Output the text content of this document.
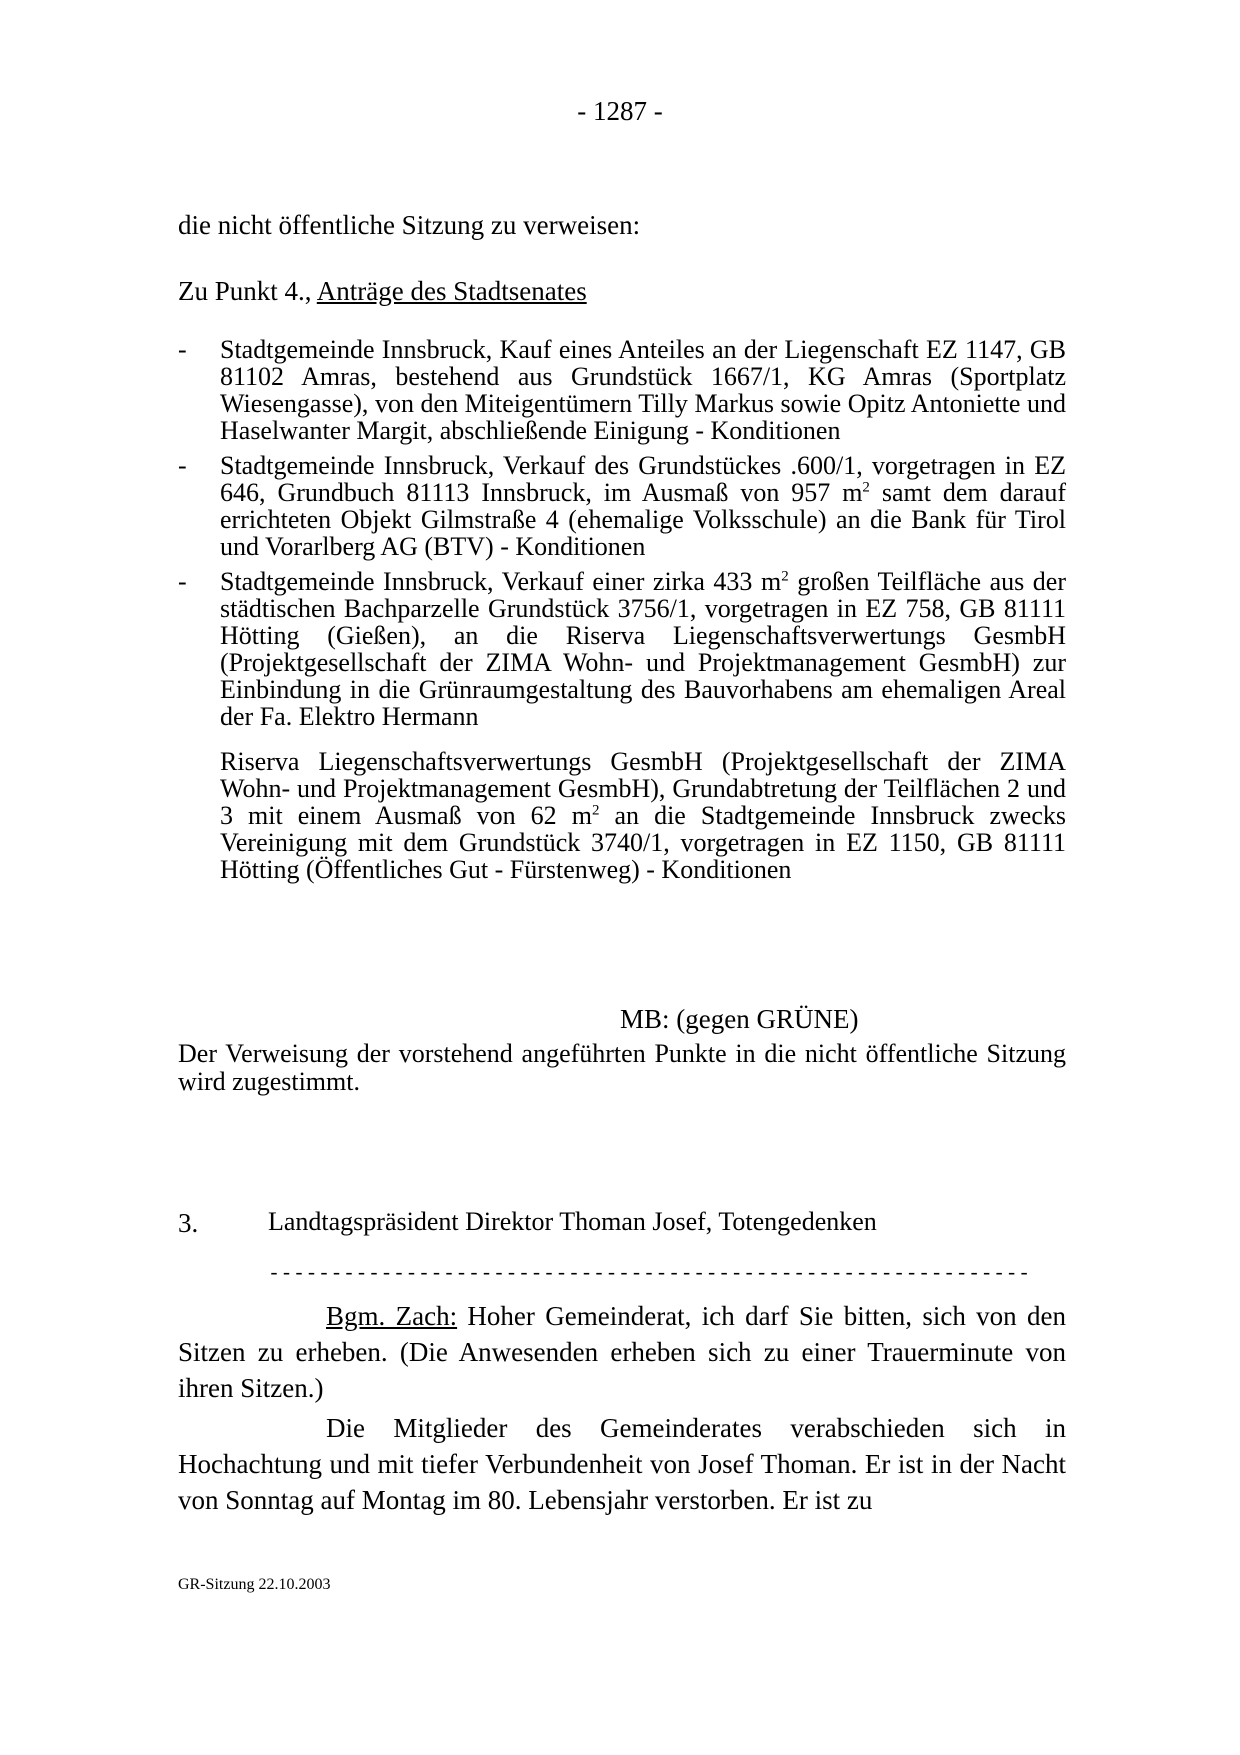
- 1287 -
die nicht öffentliche Sitzung zu verweisen:
Zu Punkt 4., Anträge des Stadtsenates
- Stadtgemeinde Innsbruck, Kauf eines Anteiles an der Liegenschaft EZ 1147, GB 81102 Amras, bestehend aus Grundstück 1667/1, KG Amras (Sportplatz Wiesengasse), von den Miteigentümern Tilly Markus sowie Opitz Antoniette und Haselwanter Margit, abschließende Einigung - Konditionen
- Stadtgemeinde Innsbruck, Verkauf des Grundstückes .600/1, vorgetragen in EZ 646, Grundbuch 81113 Innsbruck, im Ausmaß von 957 $m^2$ samt dem darauf errichteten Objekt Gilmstraße 4 (ehemalige Volksschule) an die Bank für Tirol und Vorarlberg AG (BTV) - Konditionen
- Stadtgemeinde Innsbruck, Verkauf einer zirka 433 $m^2$ großen Teilfläche aus der städtischen Bachparzelle Grundstück 3756/1, vorgetragen in EZ 758, GB 81111 Hötting (Gießen), an die Riserva Liegenschaftsverwertungs GesmbH (Projektgesellschaft der ZIMA Wohn- und Projektmanagement GesmbH) zur Einbindung in die Grünraumgestaltung des Bauvorhabens am ehemaligen Areal der Fa. Elektro Hermann
Riserva Liegenschaftsverwertungs GesmbH (Projektgesellschaft der ZIMA Wohn- und Projektmanagement GesmbH), Grundabtretung der Teilflächen 2 und 3 mit einem Ausmaß von 62 $m^2$ an die Stadtgemeinde Innsbruck zwecks Vereinigung mit dem Grundstück 3740/1, vorgetragen in EZ 1150, GB 81111 Hötting (Öffentliches Gut - Fürstenweg) - Konditionen
MB: (gegen GRÜNE)
Der Verweisung der vorstehend angeführten Punkte in die nicht öffentliche Sitzung wird zugestimmt.
3.	Landtagspräsident Direktor Thoman Josef, Totengedenken
-------------------------------------------------------------
Bgm. Zach: Hoher Gemeinderat, ich darf Sie bitten, sich von den Sitzen zu erheben. (Die Anwesenden erheben sich zu einer Trauerminute von ihren Sitzen.)
Die Mitglieder des Gemeinderates verabschieden sich in Hochachtung und mit tiefer Verbundenheit von Josef Thoman. Er ist in der Nacht von Sonntag auf Montag im 80. Lebensjahr verstorben. Er ist zu
GR-Sitzung 22.10.2003
